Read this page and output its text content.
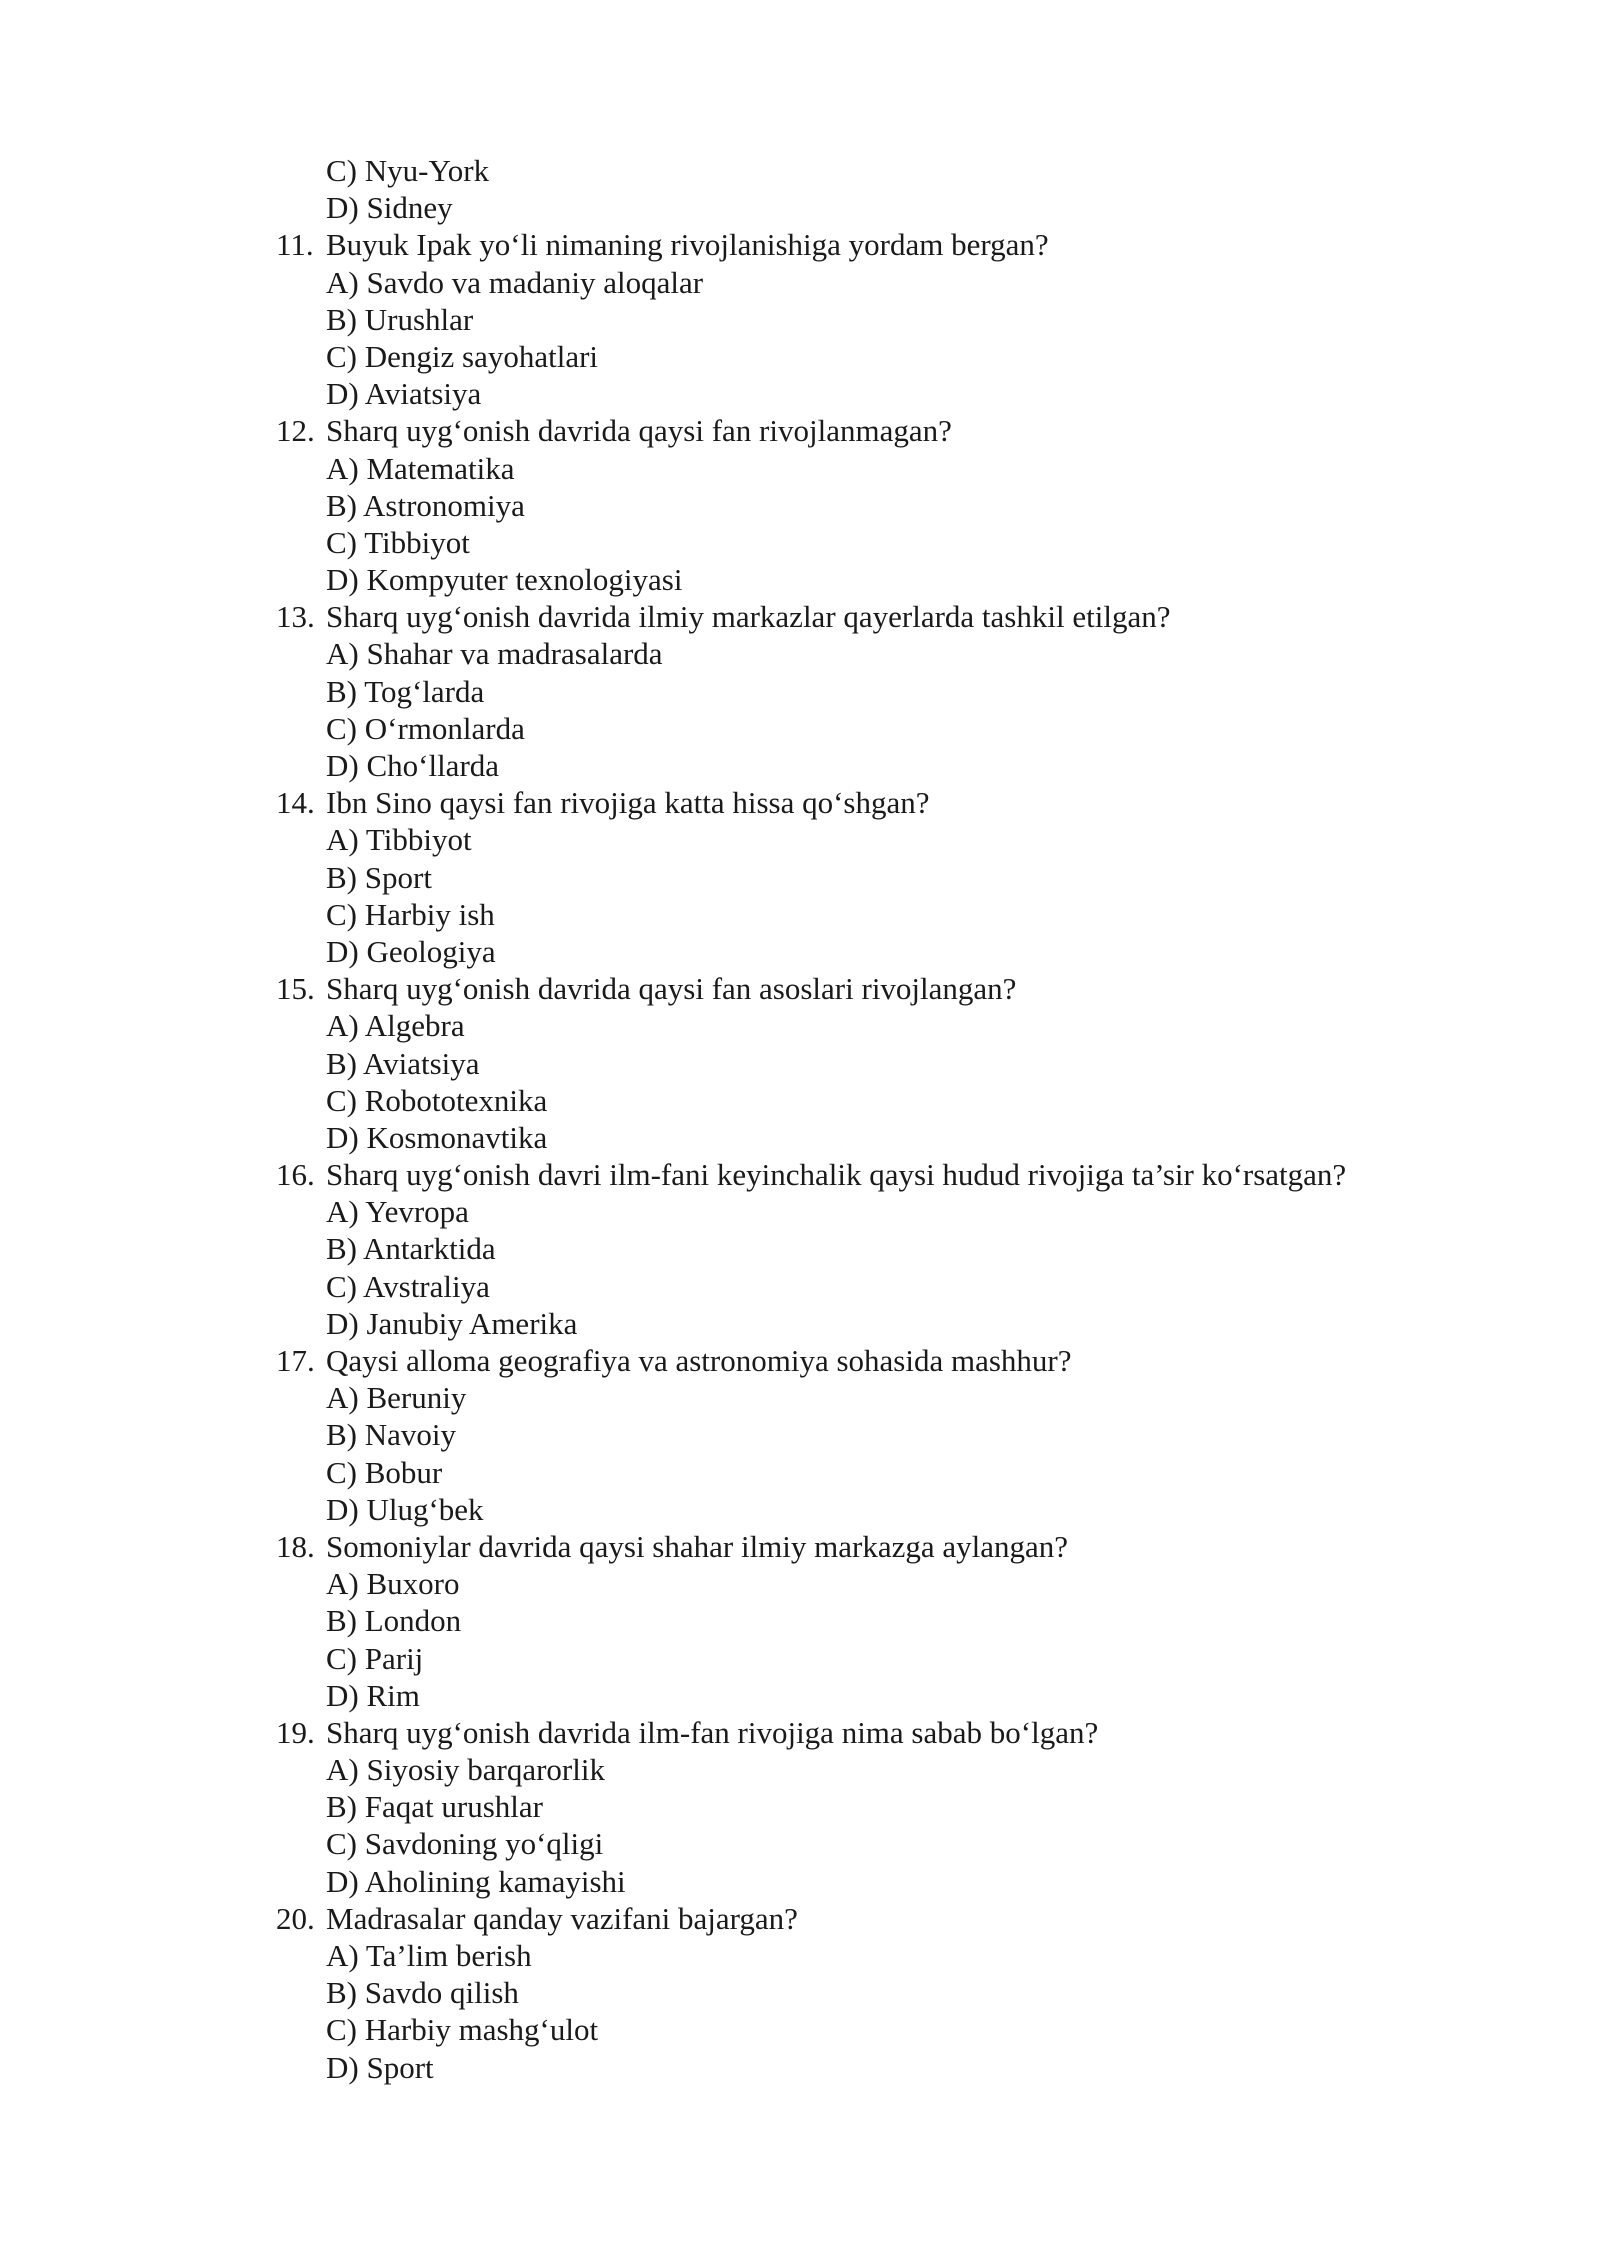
C) Nyu-York
D) Sidney
11. Buyuk Ipak yo‘li nimaning rivojlanishiga yordam bergan?
A) Savdo va madaniy aloqalar
B) Urushlar
C) Dengiz sayohatlari
D) Aviatsiya
12. Sharq uyg‘onish davrida qaysi fan rivojlanmagan?
A) Matematika
B) Astronomiya
C) Tibbiyot
D) Kompyuter texnologiyasi
13. Sharq uyg‘onish davrida ilmiy markazlar qayerlarda tashkil etilgan?
A) Shahar va madrasalarda
B) Tog‘larda
C) O‘rmonlarda
D) Cho‘llarda
14. Ibn Sino qaysi fan rivojiga katta hissa qo‘shgan?
A) Tibbiyot
B) Sport
C) Harbiy ish
D) Geologiya
15. Sharq uyg‘onish davrida qaysi fan asoslari rivojlangan?
A) Algebra
B) Aviatsiya
C) Robototexnika
D) Kosmonavtika
16. Sharq uyg‘onish davri ilm-fani keyinchalik qaysi hudud rivojiga ta’sir ko‘rsatgan?
A) Yevropa
B) Antarktida
C) Avstraliya
D) Janubiy Amerika
17. Qaysi alloma geografiya va astronomiya sohasida mashhur?
A) Beruniy
B) Navoiy
C) Bobur
D) Ulug‘bek
18. Somoniylar davrida qaysi shahar ilmiy markazga aylangan?
A) Buxoro
B) London
C) Parij
D) Rim
19. Sharq uyg‘onish davrida ilm-fan rivojiga nima sabab bo‘lgan?
A) Siyosiy barqarorlik
B) Faqat urushlar
C) Savdoning yo‘qligi
D) Aholining kamayishi
20. Madrasalar qanday vazifani bajargan?
A) Ta’lim berish
B) Savdo qilish
C) Harbiy mashg‘ulot
D) Sport
